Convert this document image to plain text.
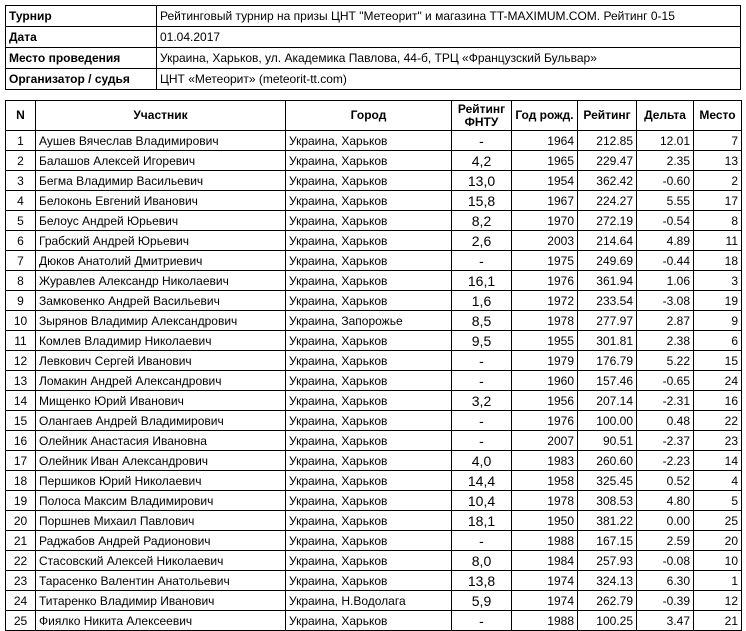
Турнир	Рейтинговый турнир на призы ЦНТ "Метеорит" и магазина TT-MAXIMUM.COM. Рейтинг 0-15
Дата	01.04.2017
Место проведения	Украина, Харьков, ул. Академика Павлова, 44-б, ТРЦ «Французский Бульвар»
Организатор / судья	ЦНТ «Метеорит» (meteorit-tt.com)
N	Участник	Город	Рейтинг ФНТУ	Год рожд.	Рейтинг	Дельта	Место
1	Аушев Вячеслав Владимирович	Украина, Харьков	-	1964	212.85	12.01	7
2	Балашов Алексей Игоревич	Украина, Харьков	4,2	1965	229.47	2.35	13
3	Бегма Владимир Васильевич	Украина, Харьков	13,0	1954	362.42	-0.60	2
4	Белоконь Евгений Иванович	Украина, Харьков	15,8	1967	224.27	5.55	17
5	Белоус Андрей Юрьевич	Украина, Харьков	8,2	1970	272.19	-0.54	8
6	Грабский Андрей Юрьевич	Украина, Харьков	2,6	2003	214.64	4.89	11
7	Дюков Анатолий Дмитриевич	Украина, Харьков	-	1975	249.69	-0.44	18
8	Журавлев Александр Николаевич	Украина, Харьков	16,1	1976	361.94	1.06	3
9	Замковенко Андрей Васильевич	Украина, Харьков	1,6	1972	233.54	-3.08	19
10	Зырянов Владимир Александрович	Украина, Запорожье	8,5	1978	277.97	2.87	9
11	Комлев Владимир Николаевич	Украина, Харьков	9,5	1955	301.81	2.38	6
12	Левкович Сергей Иванович	Украина, Харьков	-	1979	176.79	5.22	15
13	Ломакин Андрей Александрович	Украина, Харьков	-	1960	157.46	-0.65	24
14	Мищенко Юрий Иванович	Украина, Харьков	3,2	1956	207.14	-2.31	16
15	Олангаев Андрей Владимирович	Украина, Харьков	-	1976	100.00	0.48	22
16	Олейник Анастасия Ивановна	Украина, Харьков	-	2007	90.51	-2.37	23
17	Олейник Иван Александрович	Украина, Харьков	4,0	1983	260.60	-2.23	14
18	Першиков Юрий Николаевич	Украина, Харьков	14,4	1958	325.45	0.52	4
19	Полоса Максим Владимирович	Украина, Харьков	10,4	1978	308.53	4.80	5
20	Поршнев Михаил Павлович	Украина, Харьков	18,1	1950	381.22	0.00	25
21	Раджабов Андрей Радионович	Украина, Харьков	-	1988	167.15	2.59	20
22	Стасовский Алексей Николаевич	Украина, Харьков	8,0	1984	257.93	-0.08	10
23	Тарасенко Валентин Анатольевич	Украина, Харьков	13,8	1974	324.13	6.30	1
24	Титаренко Владимир Иванович	Украина, Н.Водолага	5,9	1974	262.79	-0.39	12
25	Фиялко Никита Алексеевич	Украина, Харьков	-	1988	100.25	3.47	21
